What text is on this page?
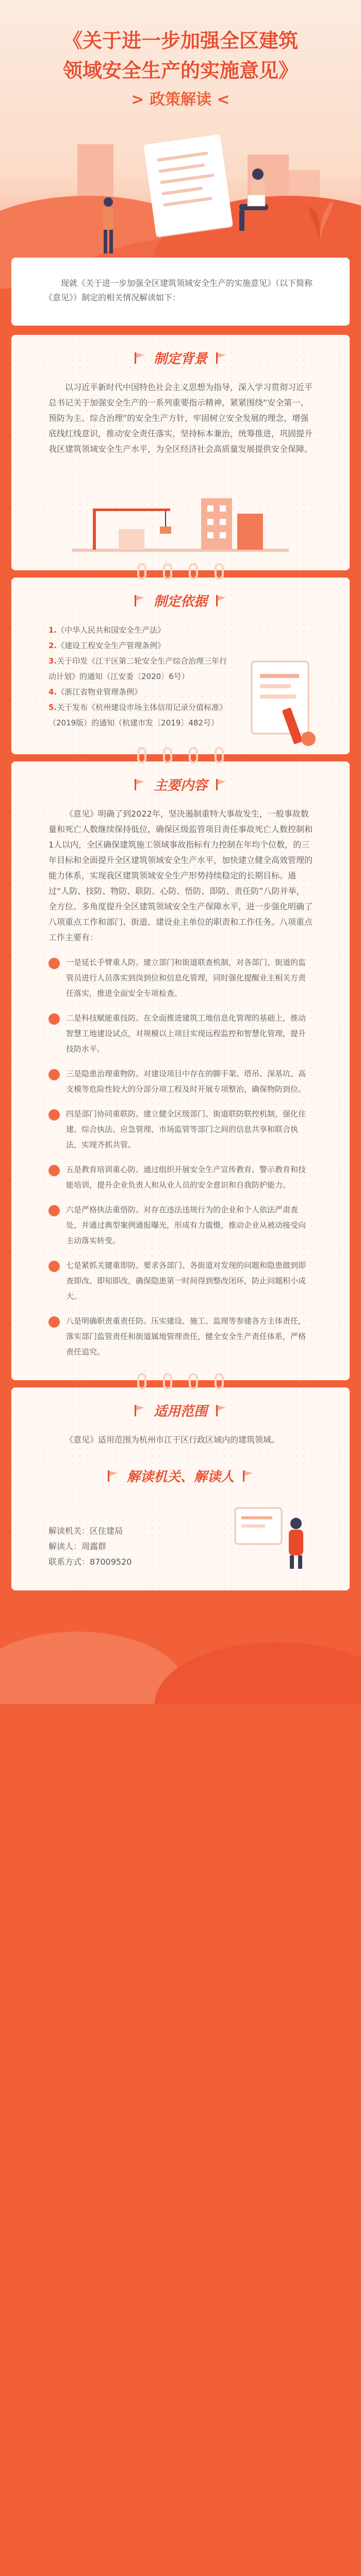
《关于进一步加强全区建筑
领域安全生产的实施意见》
> 政策解读 <

现就《关于进一步加强全区建筑领域安全生产的实施意见》（以下简称《意见》）制定的相关情况解读如下：

制定背景

以习近平新时代中国特色社会主义思想为指导，深入学习贯彻习近平总书记关于加强安全生产的一系列重要指示精神，紧紧围绕“安全第一、预防为主、综合治理”的安全生产方针，牢固树立安全发展的理念，增强底线红线意识，推动安全责任落实，坚持标本兼治，统筹推进，巩固提升我区建筑领域安全生产水平，为全区经济社会高质量发展提供安全保障。

制定依据
1.《中华人民共和国安全生产法》
2.《建设工程安全生产管理条例》
3.关于印发《江干区第二轮安全生产综合治理三年行动计划》的通知（江安委〔2020〕6号）
4.《浙江省物业管理条例》
5.关于发布《杭州建设市场主体信用记录分值标准》（2019版）的通知（杭建市发〔2019〕482号）
主要内容

《意见》明确了到2022年，坚决遏制重特大事故发生，一般事故数量和死亡人数继续保持低位，确保区级监管项目责任事故死亡人数控制和1人以内，全区确保建筑施工领域事故指标有力控制在年均个位数，的三年目标和全面提升全区建筑领域安全生产水平，加快建立健全高效管理的能力体系，实现我区建筑领域安全生产形势持续稳定的长期目标。通过“人防、技防、物防、联防、心防、悟防、即防、责任防”八防并举，全方位、多角度提升全区建筑领域安全生产保障水平，进一步强化明确了八项重点工作和部门、街道、建设业主单位的职责和工作任务。八项重点工作主要有：

一是延长手臂重人防。建立部门和街道联查机制，对各部门、街道的监管员进行人员落实到岗到位和信息化管理，同时强化提醒业主相关方责任落实，推进全面安全专项检查。

二是科技赋能重技防。在全面推进建筑工地信息化管理的基础上，推动智慧工地建设试点，对规模以上项目实现远程监控和智慧化管理，提升技防水平。

三是隐患治理重物防。对建设项目中存在的脚手架、塔吊、深基坑、高支模等危险性较大的分部分项工程及时开展专项整治，确保物防到位。

四是部门协同重联防。建立健全区级部门、街道联防联控机制，强化住建、综合执法、应急管理、市场监管等部门之间的信息共享和联合执法，实现齐抓共管。

五是教育培训重心防。通过组织开展安全生产宣传教育、警示教育和技能培训，提升企业负责人和从业人员的安全意识和自我防护能力。

六是严格执法重悟防。对存在违法违规行为的企业和个人依法严肃查处，并通过典型案例通报曝光，形成有力震慑，推动企业从被动接受向主动落实转变。

七是紧抓关键重即防。要求各部门、各街道对发现的问题和隐患做到即查即改、即知即改，确保隐患第一时间得到整改闭环，防止问题积小成大。

八是明确职责重责任防。压实建设、施工、监理等参建各方主体责任，落实部门监管责任和街道属地管理责任，健全安全生产责任体系，严格责任追究。

适用范围

《意见》适用范围为杭州市江干区行政区域内的建筑领域。

解读机关、解读人

解读机关：区住建局

解读人：周露群

联系方式：87009520
